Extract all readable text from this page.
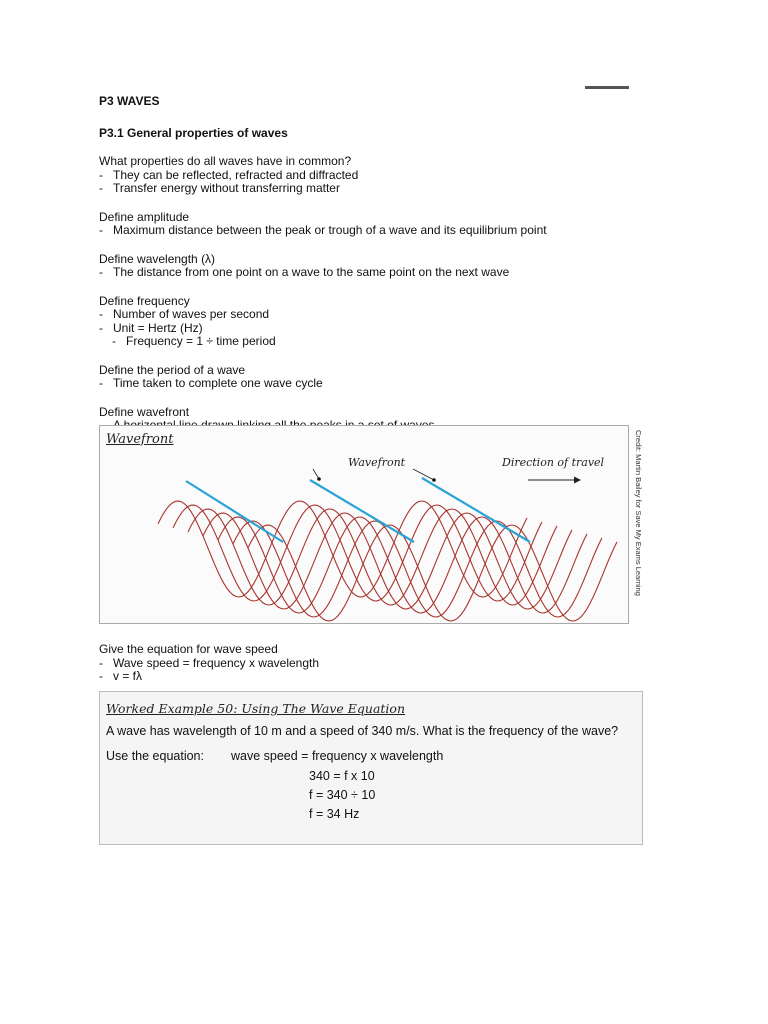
P3 WAVES

P3.1 General properties of waves

What properties do all waves have in common?

- They can be reflected, refracted and diffracted
- Transfer energy without transferring matter

Define amplitude

- Maximum distance between the peak or trough of a wave and its equilibrium point

Define wavelength (λ)

- The distance from one point on a wave to the same point on the next wave

Define frequency

- Number of waves per second
- Unit = Hertz (Hz)
- Frequency = 1 ÷ time period

Define the period of a wave

- Time taken to complete one wave cycle

Define wavefront

Wavefront
Wavefront	Direction of travel	Credit: Martin Bailey for Save My Exams Learning

Give the equation for wave speed

- Wave speed = frequency x wavelength
- v = fλ
Worked Example 50: Using The Wave Equation
A wave has wavelength of 10 m and a speed of 340 m/s. What is the frequency of the wave?
Use the equation: wave speed = frequency x wavelength
340 = f x 10
f = 340 ÷ 10
f = 34 Hz
